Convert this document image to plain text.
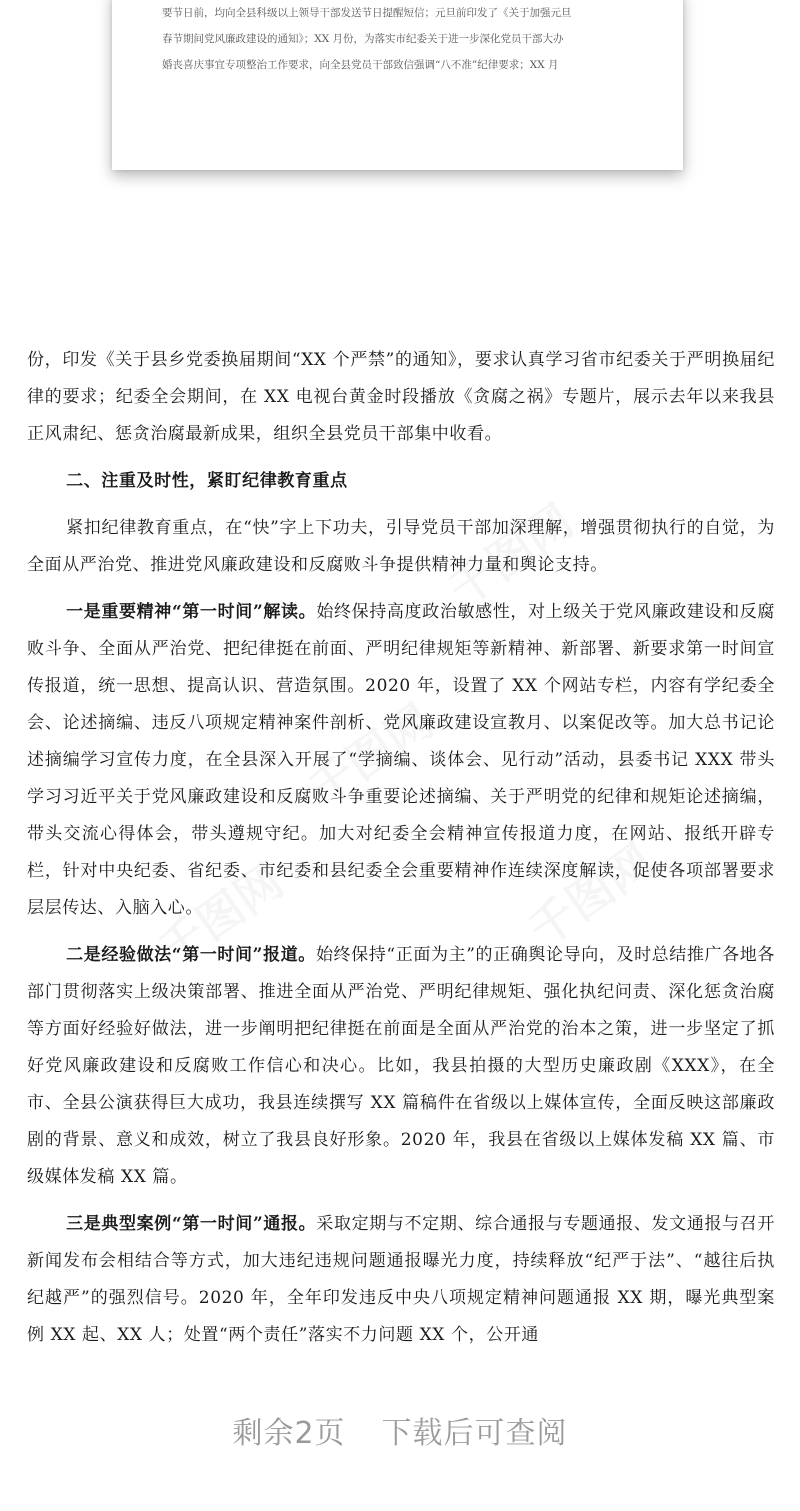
要节日前，均向全县科级以上领导干部发送节日提醒短信；元旦前印发了《关于加强元旦

春节期间党风廉政建设的通知》；XX 月份，为落实市纪委关于进一步深化党员干部大办

婚丧喜庆事宜专项整治工作要求，向全县党员干部致信强调“八不准”纪律要求；XX 月

份，印发《关于县乡党委换届期间“XX 个严禁”的通知》，要求认真学习省市纪委关于严明换届纪律的要求；纪委全会期间，在 XX 电视台黄金时段播放《贪腐之祸》专题片，展示去年以来我县正风肃纪、惩贪治腐最新成果，组织全县党员干部集中收看。

二、注重及时性，紧盯纪律教育重点

紧扣纪律教育重点，在“快”字上下功夫，引导党员干部加深理解，增强贯彻执行的自觉，为全面从严治党、推进党风廉政建设和反腐败斗争提供精神力量和舆论支持。

一是重要精神“第一时间”解读。始终保持高度政治敏感性，对上级关于党风廉政建设和反腐败斗争、全面从严治党、把纪律挺在前面、严明纪律规矩等新精神、新部署、新要求第一时间宣传报道，统一思想、提高认识、营造氛围。2020 年，设置了 XX 个网站专栏，内容有学纪委全会、论述摘编、违反八项规定精神案件剖析、党风廉政建设宣教月、以案促改等。加大总书记论述摘编学习宣传力度，在全县深入开展了“学摘编、谈体会、见行动”活动，县委书记 XXX 带头学习习近平关于党风廉政建设和反腐败斗争重要论述摘编、关于严明党的纪律和规矩论述摘编，带头交流心得体会，带头遵规守纪。加大对纪委全会精神宣传报道力度，在网站、报纸开辟专栏，针对中央纪委、省纪委、市纪委和县纪委全会重要精神作连续深度解读，促使各项部署要求层层传达、入脑入心。

二是经验做法“第一时间”报道。始终保持“正面为主”的正确舆论导向，及时总结推广各地各部门贯彻落实上级决策部署、推进全面从严治党、严明纪律规矩、强化执纪问责、深化惩贪治腐等方面好经验好做法，进一步阐明把纪律挺在前面是全面从严治党的治本之策，进一步坚定了抓好党风廉政建设和反腐败工作信心和决心。比如，我县拍摄的大型历史廉政剧《XXX》，在全市、全县公演获得巨大成功，我县连续撰写 XX 篇稿件在省级以上媒体宣传，全面反映这部廉政剧的背景、意义和成效，树立了我县良好形象。2020 年，我县在省级以上媒体发稿 XX 篇、市级媒体发稿 XX 篇。

三是典型案例“第一时间”通报。采取定期与不定期、综合通报与专题通报、发文通报与召开新闻发布会相结合等方式，加大违纪违规问题通报曝光力度，持续释放“纪严于法”、“越往后执纪越严”的强烈信号。2020 年，全年印发违反中央八项规定精神问题通报 XX 期，曝光典型案例 XX 起、XX 人；处置“两个责任”落实不力问题 XX 个，公开通

剩余2页 下载后可查阅
